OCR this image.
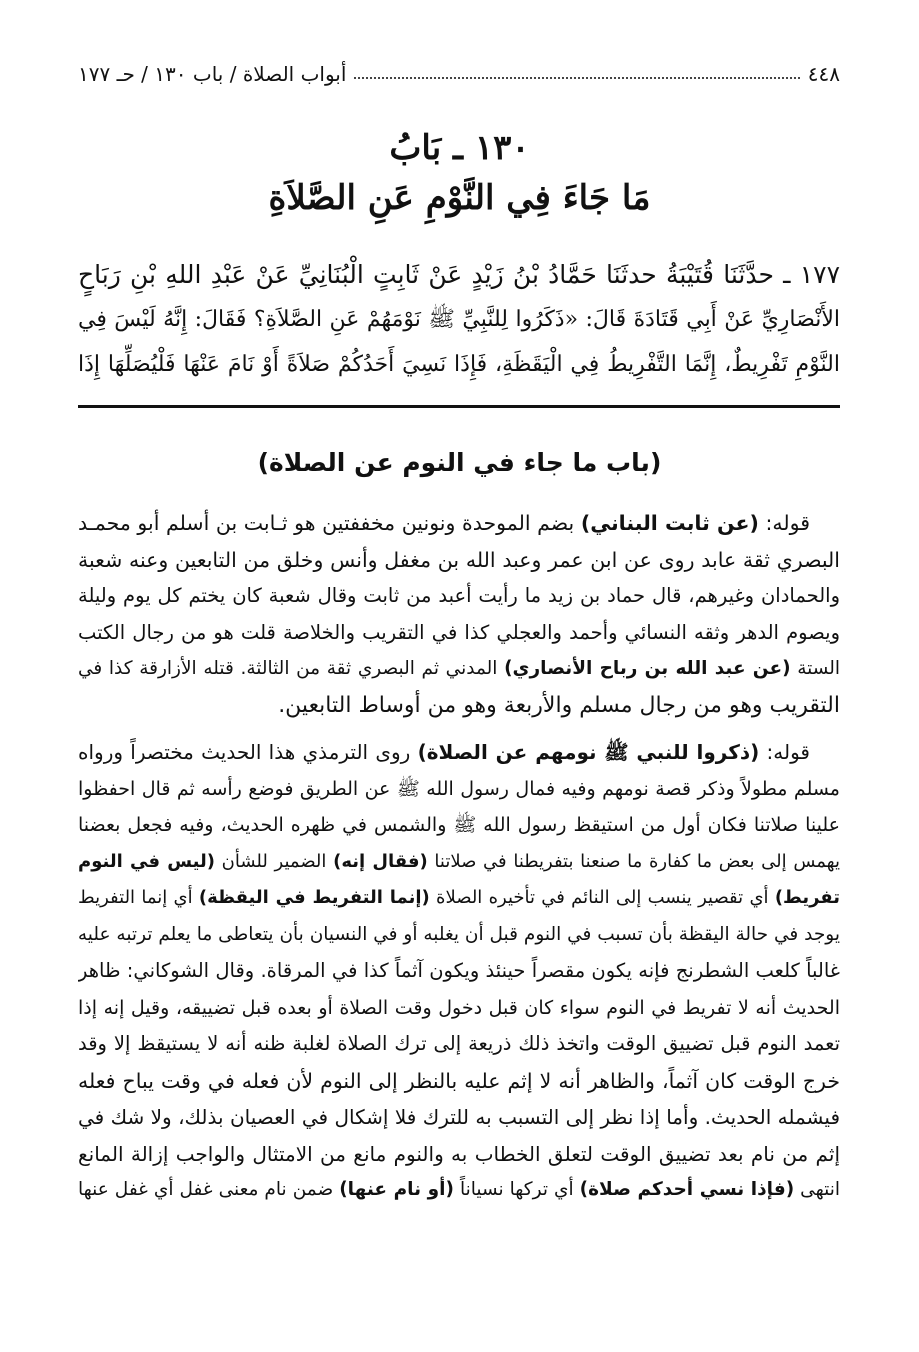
٤٤٨
أبواب الصلاة / باب ١٣٠ / حـ ١٧٧
١٣٠ ـ بَابُ
مَا جَاءَ فِي النَّوْمِ عَنِ الصَّلاَةِ
١٧٧ ـ حدَّثَنَا قُتَيْبَةُ حدثَنَا حَمَّادُ بْنُ زَيْدٍ عَنْ ثَابِتٍ الْبُنَانِيِّ عَنْ عَبْدِ اللهِ بْنِ رَبَاحٍ
الأَنْصَارِيِّ عَنْ أَبِي قَتَادَةَ قَالَ: «ذَكَرُوا لِلنَّبِيِّ ﷺ نَوْمَهُمْ عَنِ الصَّلاَةِ؟ فَقَالَ: إِنَّهُ لَيْسَ فِي
النَّوْمِ تَفْرِيطٌ، إِنَّمَا التَّفْرِيطُ فِي الْيَقَظَةِ، فَإِذَا نَسِيَ أَحَدُكُمْ صَلاَةً أَوْ نَامَ عَنْهَا فَلْيُصَلِّهَا إِذَا
(باب ما جاء في النوم عن الصلاة)
قوله: (عن ثابت البناني) بضم الموحدة ونونين مخففتين هو ثـابت بن أسلم أبو محمـد
البصري ثقة عابد روى عن ابن عمر وعبد الله بن مغفل وأنس وخلق من التابعين وعنه شعبة
والحمادان وغيرهم، قال حماد بن زيد ما رأيت أعبد من ثابت وقال شعبة كان يختم كل يوم وليلة
ويصوم الدهر وثقه النسائي وأحمد والعجلي كذا في التقريب والخلاصة قلت هو من رجال الكتب
الستة (عن عبد الله بن رباح الأنصاري) المدني ثم البصري ثقة من الثالثة. قتله الأزارقة كذا في
التقريب وهو من رجال مسلم والأربعة وهو من أوساط التابعين.
قوله: (ذكروا للنبي ﷺ نومهم عن الصلاة) روى الترمذي هذا الحديث مختصراً ورواه
مسلم مطولاً وذكر قصة نومهم وفيه فمال رسول الله ﷺ عن الطريق فوضع رأسه ثم قال احفظوا
علينا صلاتنا فكان أول من استيقظ رسول الله ﷺ والشمس في ظهره الحديث، وفيه فجعل بعضنا
يهمس إلى بعض ما كفارة ما صنعنا بتفريطنا في صلاتنا (فقال إنه) الضمير للشأن (ليس في النوم
تفريط) أي تقصير ينسب إلى النائم في تأخيره الصلاة (إنما التفريط في اليقظة) أي إنما التفريط
يوجد في حالة اليقظة بأن تسبب في النوم قبل أن يغلبه أو في النسيان بأن يتعاطى ما يعلم ترتبه عليه
غالباً كلعب الشطرنج فإنه يكون مقصراً حينئذ ويكون آثماً كذا في المرقاة. وقال الشوكاني: ظاهر
الحديث أنه لا تفريط في النوم سواء كان قبل دخول وقت الصلاة أو بعده قبل تضييقه، وقيل إنه إذا
تعمد النوم قبل تضييق الوقت واتخذ ذلك ذريعة إلى ترك الصلاة لغلبة ظنه أنه لا يستيقظ إلا وقد
خرج الوقت كان آثماً، والظاهر أنه لا إثم عليه بالنظر إلى النوم لأن فعله في وقت يباح فعله
فيشمله الحديث. وأما إذا نظر إلى التسبب به للترك فلا إشكال في العصيان بذلك، ولا شك في
إثم من نام بعد تضييق الوقت لتعلق الخطاب به والنوم مانع من الامتثال والواجب إزالة المانع
انتهى (فإذا نسي أحدكم صلاة) أي تركها نسياناً (أو نام عنها) ضمن نام معنى غفل أي غفل عنها
